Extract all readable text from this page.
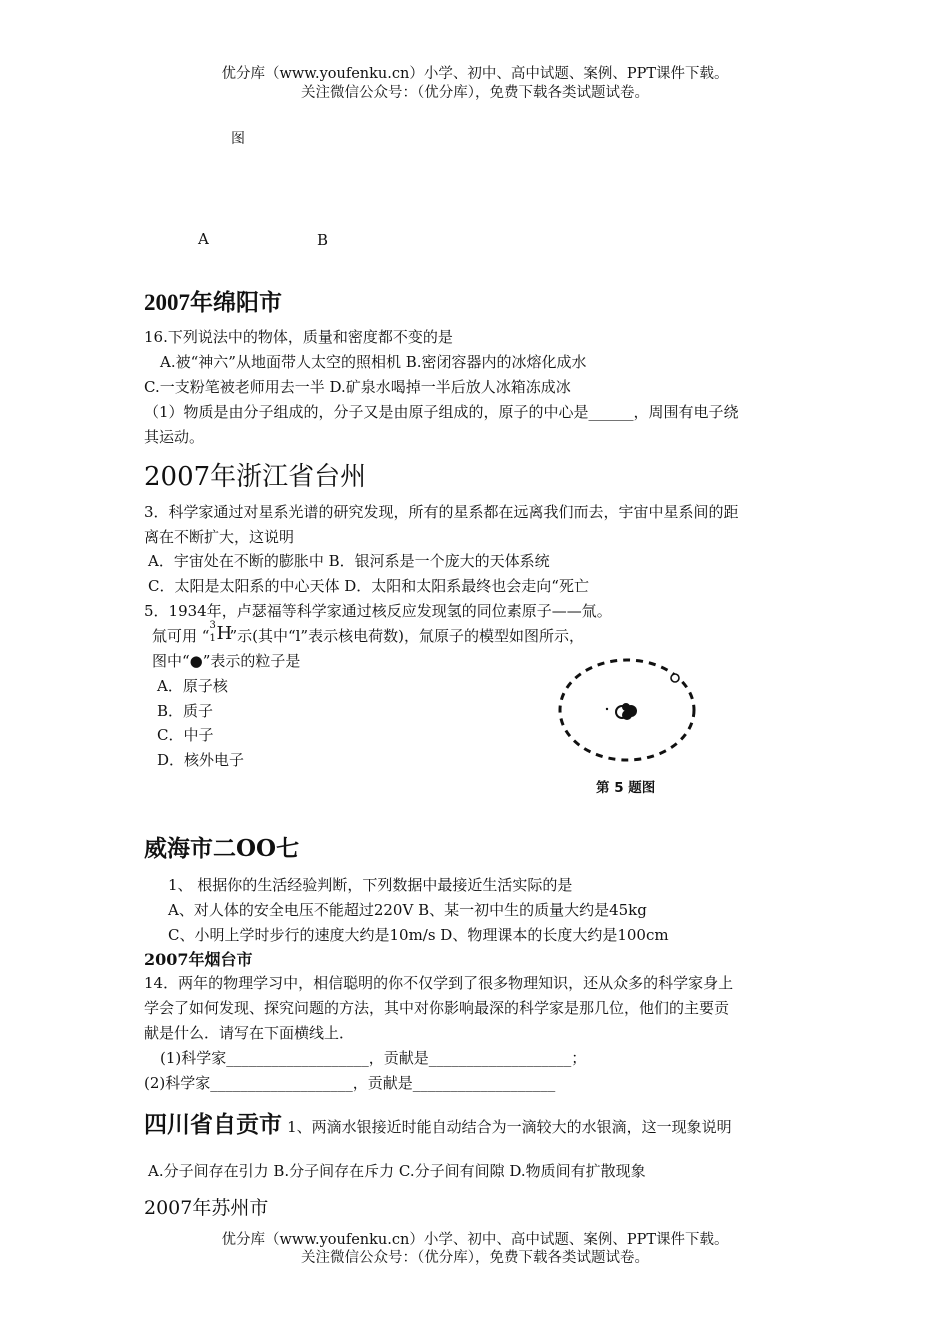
优分库（www.youfenku.cn）小学、初中、高中试题、案例、PPT课件下载。
关注微信公众号：（优分库），免费下载各类试题试卷。
图
A	B
2007年绵阳市
16.下列说法中的物体，质量和密度都不变的是
A.被“神六”从地面带人太空的照相机 B.密闭容器内的冰熔化成水
C.一支粉笔被老师用去一半 D.矿泉水喝掉一半后放人冰箱冻成冰
（1）物质是由分子组成的，分子又是由原子组成的，原子的中心是______，周围有电子绕
其运动。
2007年浙江省台州
3．科学家通过对星系光谱的研究发现，所有的星系都在远离我们而去，宇宙中星系间的距
离在不断扩大，这说明
A．宇宙处在不断的膨胀中 B．银河系是一个庞大的天体系统
C．太阳是太阳系的中心天体 D．太阳和太阳系最终也会走向“死亡
5．1934年，卢瑟福等科学家通过核反应发现氢的同位素原子——氚。
氚可用 “
3
1 H
”示(其中“l”表示核电荷数)，氚原子的模型如图所示，
图中“●”表示的粒子是
A．原子核
B．质子
C．中子
D．核外电子
第 5 题图
威海市二OO七
1、 根据你的生活经验判断，下列数据中最接近生活实际的是
A、对人体的安全电压不能超过220V B、某一初中生的质量大约是45kg
C、小明上学时步行的速度大约是10m/s D、物理课本的长度大约是100cm
2007年烟台市
14．两年的物理学习中，相信聪明的你不仅学到了很多物理知识，还从众多的科学家身上
学会了如何发现、探究问题的方法，其中对你影响最深的科学家是那几位，他们的主要贡
献是什么．请写在下面横线上．
(1)科学家___________________，贡献是___________________；
(2)科学家___________________，贡献是___________________
四川省自贡市 1、两滴水银接近时能自动结合为一滴较大的水银滴，这一现象说明
A.分子间存在引力 B.分子间存在斥力 C.分子间有间隙 D.物质间有扩散现象
2007年苏州市
优分库（www.youfenku.cn）小学、初中、高中试题、案例、PPT课件下载。
关注微信公众号：（优分库），免费下载各类试题试卷。
